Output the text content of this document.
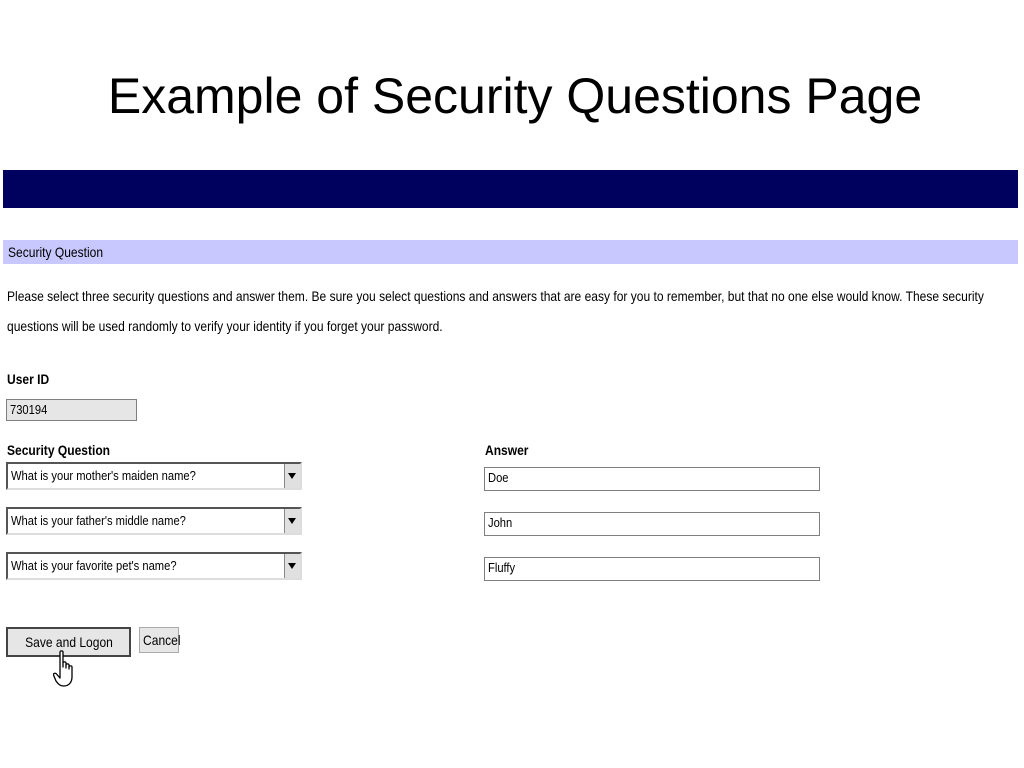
Example of Security Questions Page
Security Question
Please select three security questions and answer them. Be sure you select questions and answers that are easy for you to remember, but that no one else would know. These security questions will be used randomly to verify your identity if you forget your password.
User ID
730194
Security Question	Answer
What is your mother's maiden name?
What is your father's middle name?
What is your favorite pet's name?
Doe
John
Fluffy
Save and Logon	Cancel
